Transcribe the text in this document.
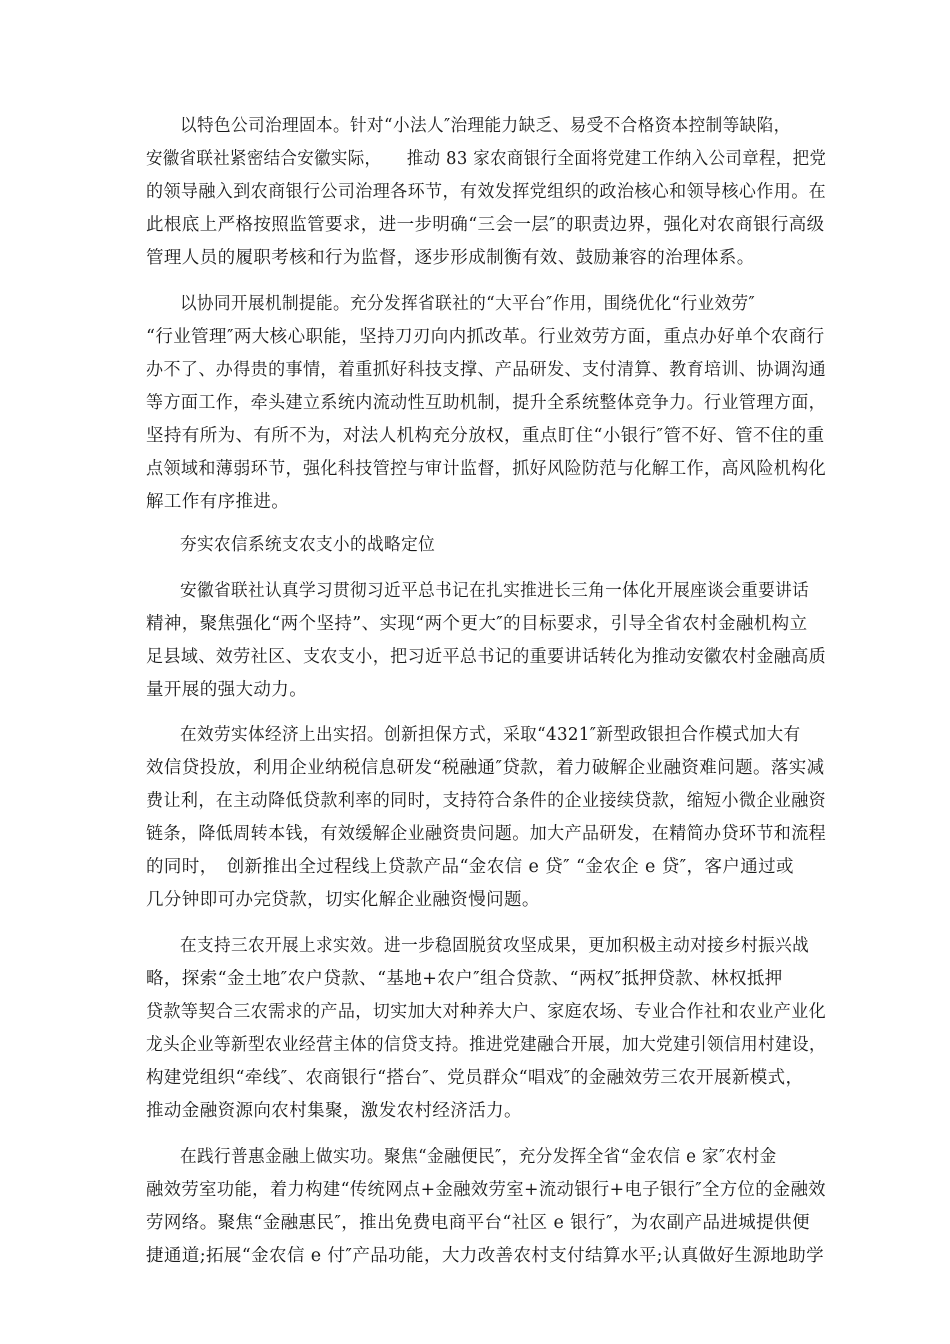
以特色公司治理固本。针对“小法人″治理能力缺乏、易受不合格资本控制等缺陷，
安徽省联社紧密结合安徽实际，　　推动 83 家农商银行全面将党建工作纳入公司章程，把党
的领导融入到农商银行公司治理各环节，有效发挥党组织的政治核心和领导核心作用。在
此根底上严格按照监管要求，进一步明确“三会一层″的职责边界，强化对农商银行高级
管理人员的履职考核和行为监督，逐步形成制衡有效、鼓励兼容的治理体系。
以协同开展机制提能。充分发挥省联社的“大平台″作用，围绕优化“行业效劳″
“行业管理″两大核心职能，坚持刀刃向内抓改革。行业效劳方面，重点办好单个农商行
办不了、办得贵的事情，着重抓好科技支撑、产品研发、支付清算、教育培训、协调沟通
等方面工作，牵头建立系统内流动性互助机制，提升全系统整体竞争力。行业管理方面，
坚持有所为、有所不为，对法人机构充分放权，重点盯住“小银行″管不好、管不住的重
点领域和薄弱环节，强化科技管控与审计监督，抓好风险防范与化解工作，高风险机构化
解工作有序推进。
夯实农信系统支农支小的战略定位
安徽省联社认真学习贯彻习近平总书记在扎实推进长三角一体化开展座谈会重要讲话
精神，聚焦强化“两个坚持”、实现“两个更大″的目标要求，引导全省农村金融机构立
足县域、效劳社区、支农支小，把习近平总书记的重要讲话转化为推动安徽农村金融高质
量开展的强大动力。
在效劳实体经济上出实招。创新担保方式，采取“4321″新型政银担合作模式加大有
效信贷投放，利用企业纳税信息研发“税融通″贷款，着力破解企业融资难问题。落实减
费让利，在主动降低贷款利率的同时，支持符合条件的企业接续贷款，缩短小微企业融资
链条，降低周转本钱，有效缓解企业融资贵问题。加大产品研发，在精简办贷环节和流程
的同时，　创新推出全过程线上贷款产品“金农信 e 贷″ “金农企 e 贷″，客户通过或
几分钟即可办完贷款，切实化解企业融资慢问题。
在支持三农开展上求实效。进一步稳固脱贫攻坚成果，更加积极主动对接乡村振兴战
略，探索“金土地″农户贷款、“基地+农户″组合贷款、“两权″抵押贷款、林权抵押
贷款等契合三农需求的产品，切实加大对种养大户、家庭农场、专业合作社和农业产业化
龙头企业等新型农业经营主体的信贷支持。推进党建融合开展，加大党建引领信用村建设，
构建党组织“牵线″、农商银行“搭台″、党员群众“唱戏″的金融效劳三农开展新模式，
推动金融资源向农村集聚，激发农村经济活力。
在践行普惠金融上做实功。聚焦“金融便民″，充分发挥全省“金农信 e 家″农村金
融效劳室功能，着力构建“传统网点+金融效劳室+流动银行+电子银行″全方位的金融效
劳网络。聚焦“金融惠民″，推出免费电商平台“社区 e 银行″，为农副产品进城提供便
捷通道;拓展“金农信 e 付″产品功能，大力改善农村支付结算水平;认真做好生源地助学
